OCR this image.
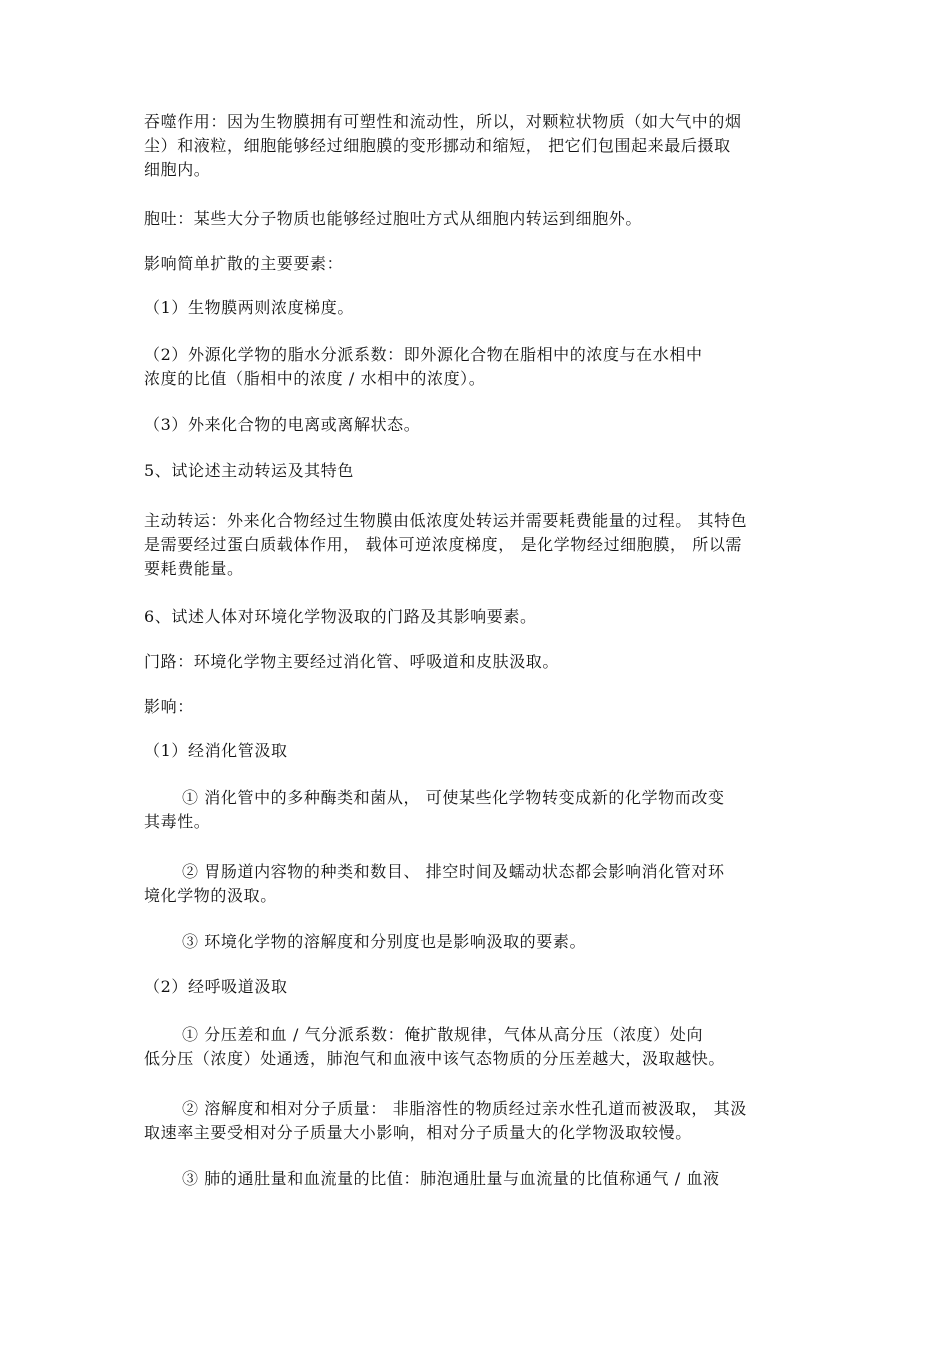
吞噬作用：因为生物膜拥有可塑性和流动性，所以，对颗粒状物质（如大气中的烟
尘）和液粒，细胞能够经过细胞膜的变形挪动和缩短， 把它们包围起来最后摄取
细胞内。

胞吐：某些大分子物质也能够经过胞吐方式从细胞内转运到细胞外。

影响简单扩散的主要要素：

（1）生物膜两则浓度梯度。

（2）外源化学物的脂水分派系数：即外源化合物在脂相中的浓度与在水相中
浓度的比值（脂相中的浓度 / 水相中的浓度）。

（3）外来化合物的电离或离解状态。

5、试论述主动转运及其特色

主动转运：外来化合物经过生物膜由低浓度处转运并需要耗费能量的过程。 其特色
是需要经过蛋白质载体作用， 载体可逆浓度梯度， 是化学物经过细胞膜， 所以需
要耗费能量。

6、试述人体对环境化学物汲取的门路及其影响要素。

门路：环境化学物主要经过消化管、呼吸道和皮肤汲取。

影响：

（1）经消化管汲取

① 消化管中的多种酶类和菌从， 可使某些化学物转变成新的化学物而改变
其毒性。

② 胃肠道内容物的种类和数目、 排空时间及蠕动状态都会影响消化管对环
境化学物的汲取。

③ 环境化学物的溶解度和分别度也是影响汲取的要素。

（2）经呼吸道汲取

① 分压差和血 / 气分派系数：俺扩散规律，气体从高分压（浓度）处向
低分压（浓度）处通透，肺泡气和血液中该气态物质的分压差越大，汲取越快。

② 溶解度和相对分子质量： 非脂溶性的物质经过亲水性孔道而被汲取， 其汲
取速率主要受相对分子质量大小影响，相对分子质量大的化学物汲取较慢。

③ 肺的通肚量和血流量的比值：肺泡通肚量与血流量的比值称通气 / 血液
